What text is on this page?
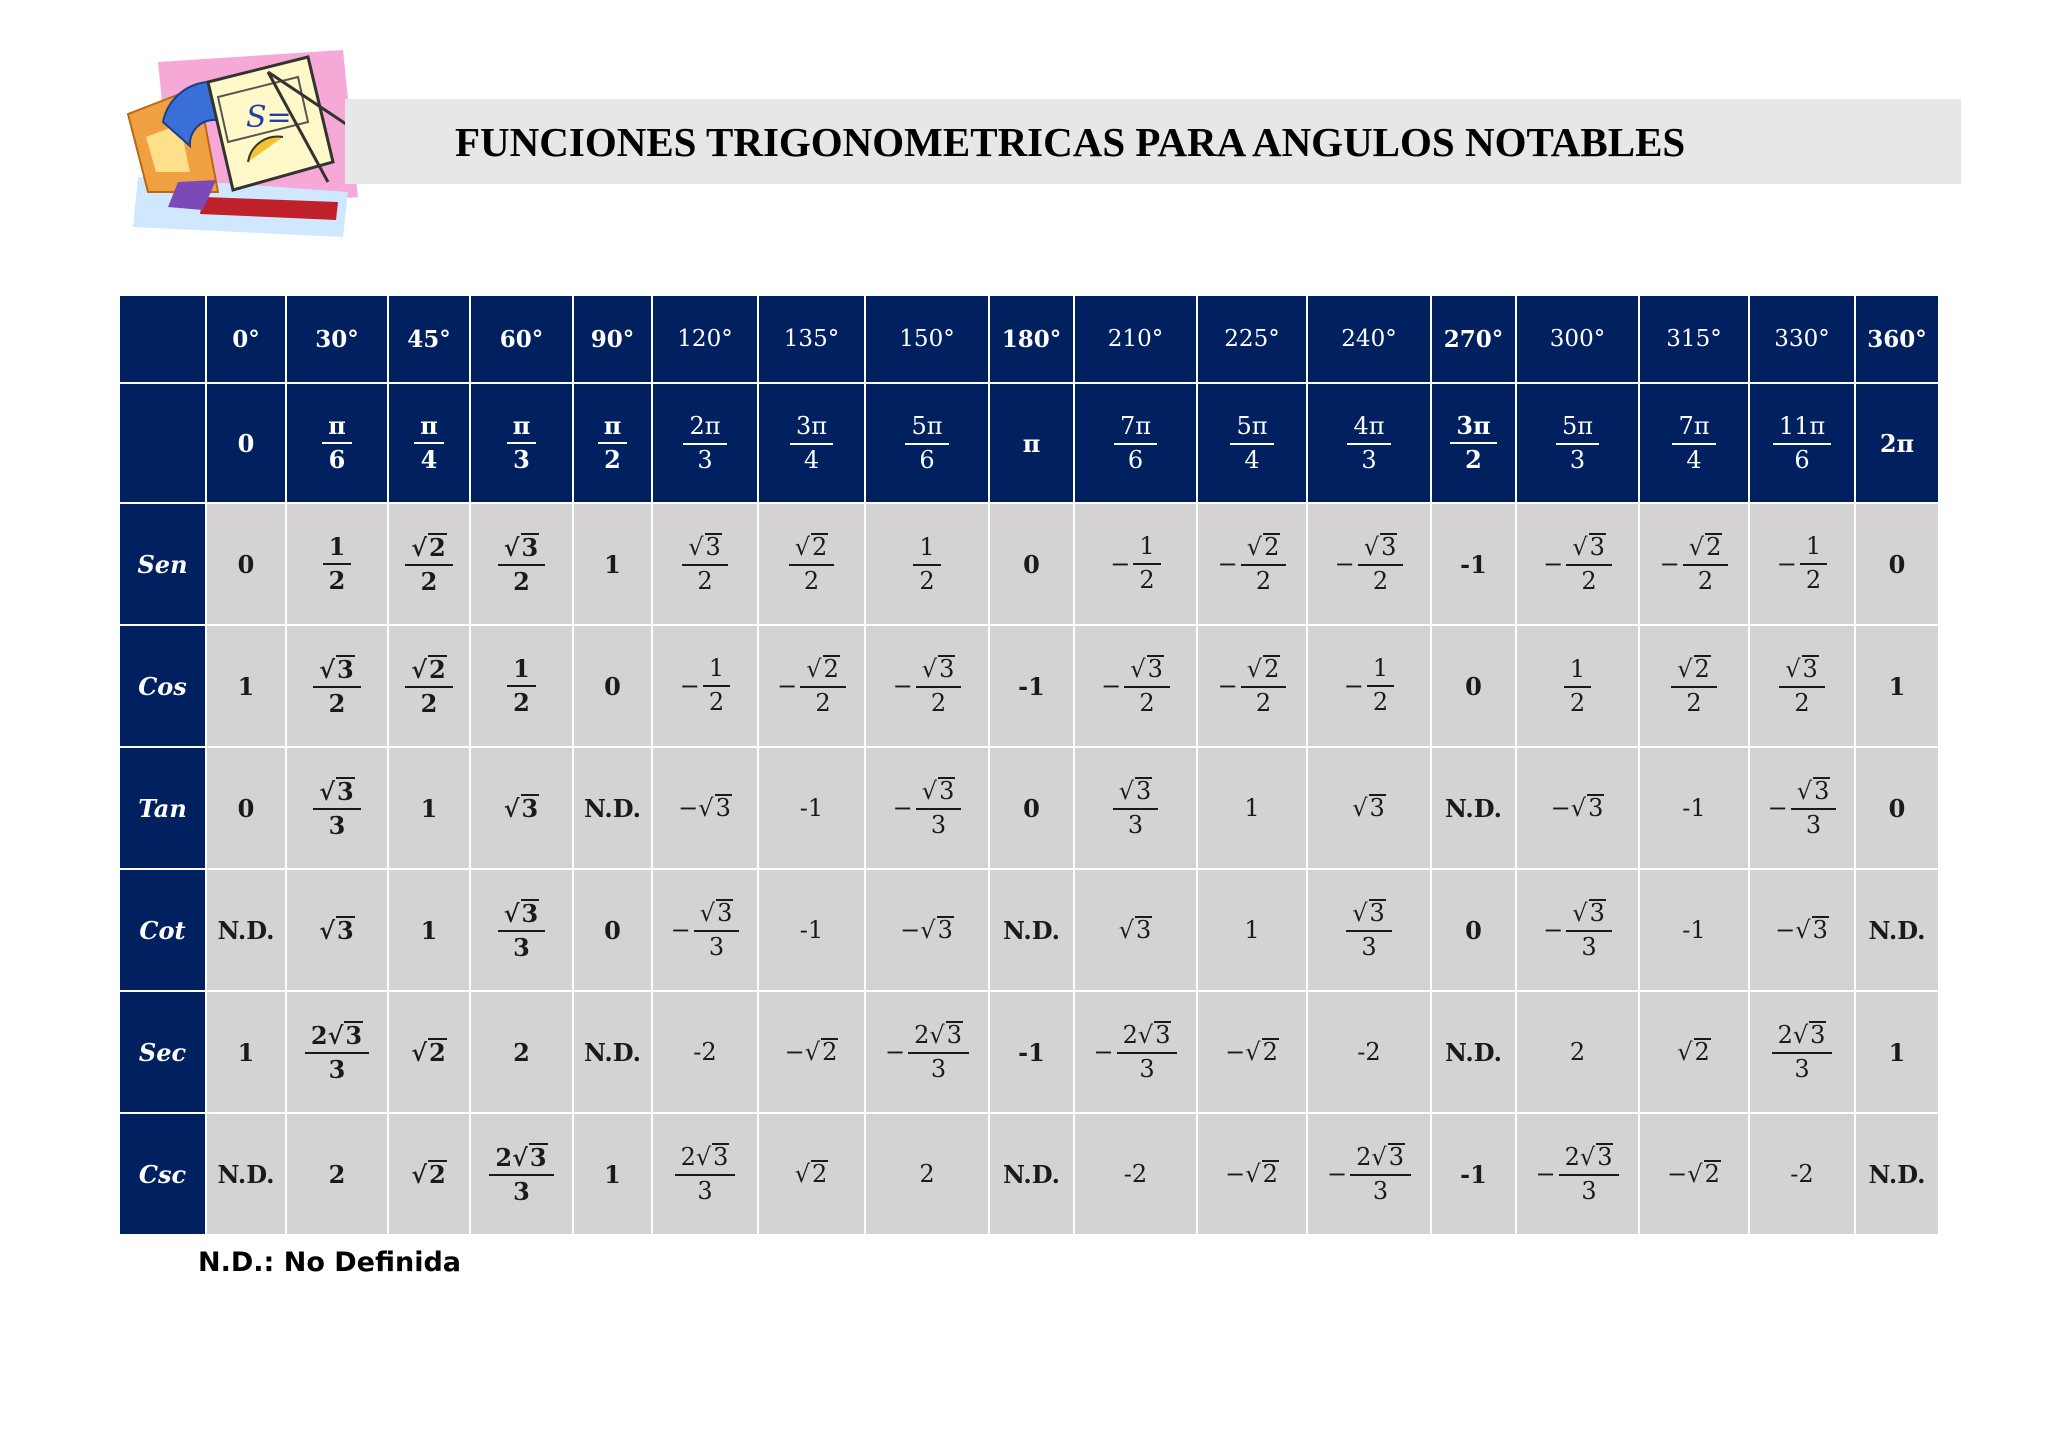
S=
FUNCIONES TRIGONOMETRICAS PARA ANGULOS NOTABLES
	0°	30°	45°	60°	90°	120°	135°	150°	180°	210°	225°	240°	270°	300°	315°	330°	360°

	0	$\frac{\pi}{6}$	$\frac{\pi}{4}$	$\frac{\pi}{3}$	$\frac{\pi}{2}$	$\frac{2\pi}{3}$	$\frac{3\pi}{4}$	$\frac{5\pi}{6}$	π	$\frac{7\pi}{6}$	$\frac{5\pi}{4}$	$\frac{4\pi}{3}$	$\frac{3\pi}{2}$	$\frac{5\pi}{3}$	$\frac{7\pi}{4}$	$\frac{11\pi}{6}$	2π

Sen	0	$\frac{1}{2}$	$\frac{√2}{2}$	$\frac{√3}{2}$	1	$\frac{√3}{2}$	$\frac{√2}{2}$	$\frac{1}{2}$	0	− $\frac{1}{2}$	− $\frac{√2}{2}$	− $\frac{√3}{2}$	-1	− $\frac{√3}{2}$	− $\frac{√2}{2}$	− $\frac{1}{2}$	0

Cos	1	$\frac{√3}{2}$	$\frac{√2}{2}$	$\frac{1}{2}$	0	− $\frac{1}{2}$	− $\frac{√2}{2}$	− $\frac{√3}{2}$	-1	− $\frac{√3}{2}$	− $\frac{√2}{2}$	− $\frac{1}{2}$	0	$\frac{1}{2}$	$\frac{√2}{2}$	$\frac{√3}{2}$	1

Tan	0	$\frac{√3}{3}$	1	√3	N.D.	−√3	-1	− $\frac{√3}{3}$	0	$\frac{√3}{3}$	1	√3	N.D.	−√3	-1	− $\frac{√3}{3}$	0

Cot	N.D.	√3	1	$\frac{√3}{3}$	0	− $\frac{√3}{3}$	-1	−√3	N.D.	√3	1	$\frac{√3}{3}$	0	− $\frac{√3}{3}$	-1	−√3	N.D.

Sec	1	$\frac{2√3}{3}$	√2	2	N.D.	-2	−√2	− $\frac{2√3}{3}$	-1	− $\frac{2√3}{3}$	−√2	-2	N.D.	2	√2	$\frac{2√3}{3}$	1

Csc	N.D.	2	√2	$\frac{2√3}{3}$	1	$\frac{2√3}{3}$	√2	2	N.D.	-2	−√2	− $\frac{2√3}{3}$	-1	− $\frac{2√3}{3}$	−√2	-2	N.D.
N.D.: No Definida
